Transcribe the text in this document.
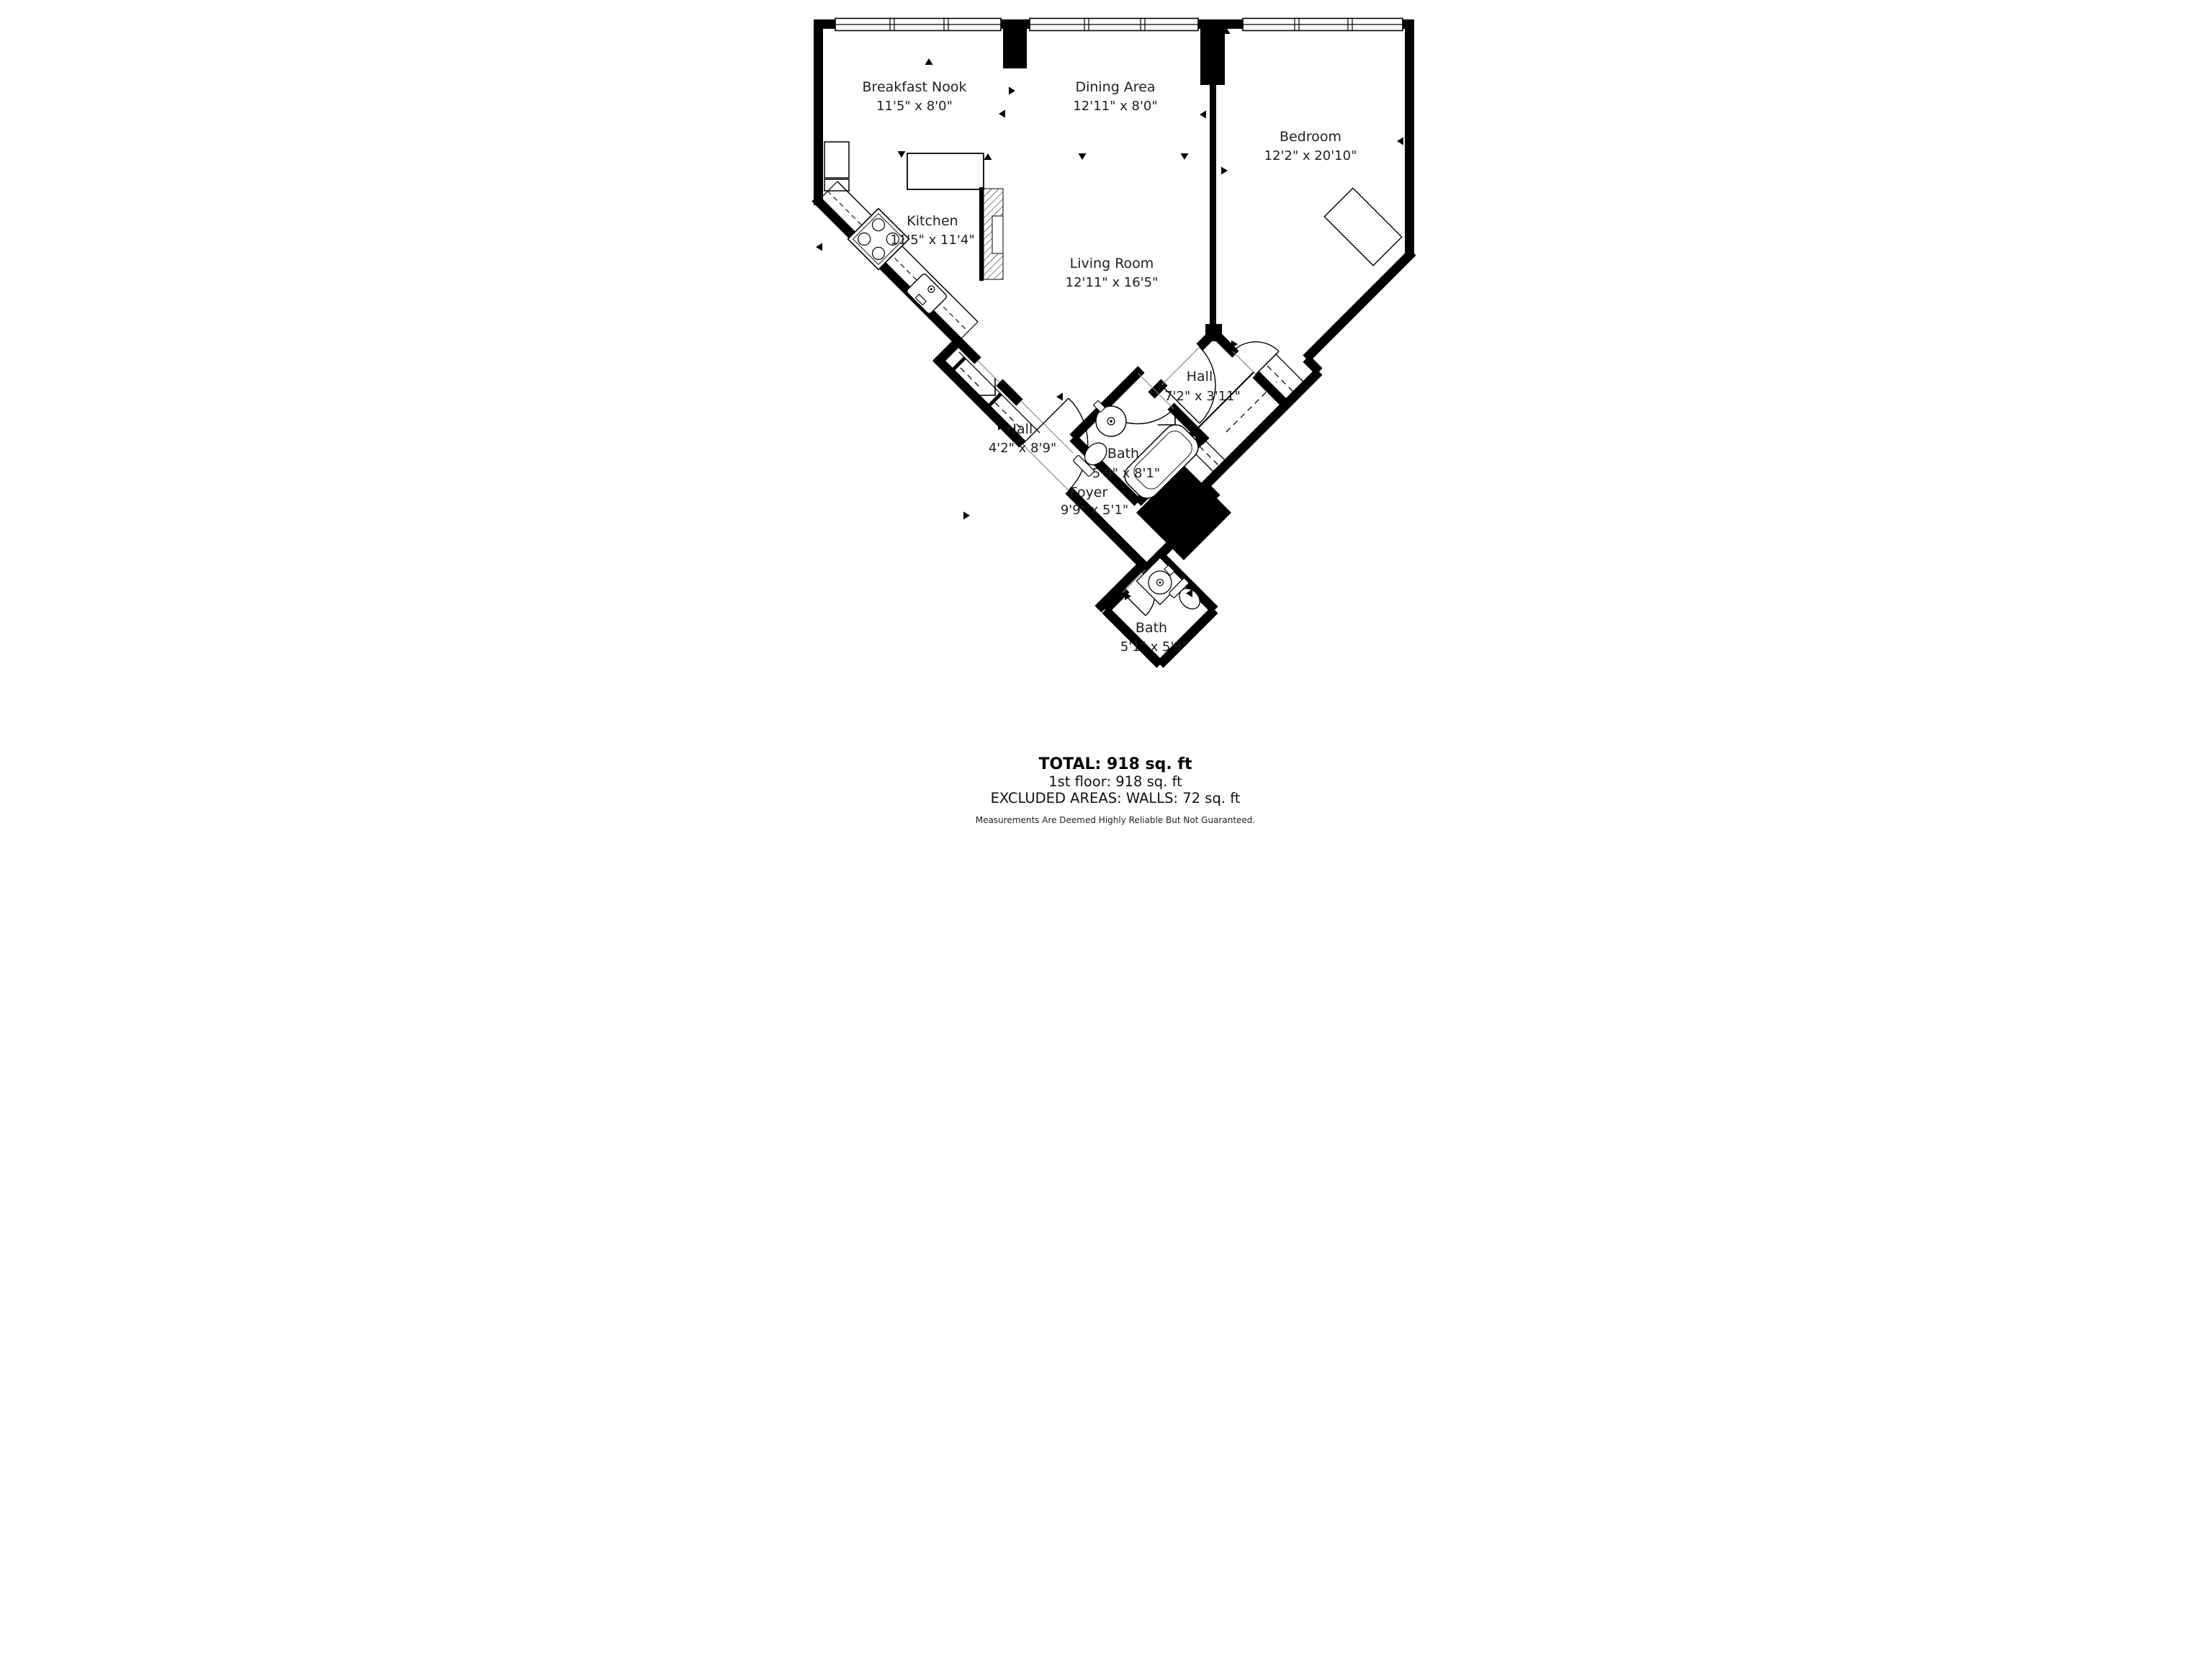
Breakfast Nook
11'5" x 8'0"
Dining Area
12'11" x 8'0"
Bedroom
12'2" x 20'10"
Kitchen
11'5" x 11'4"
Living Room
12'11" x 16'5"
Hall
7'2" x 3'11"
Bath
5'9" x 8'1"
Hall
4'2" x 8'9"
Foyer
9'9" x 5'1"
Bath
5'1" x 5'3"
TOTAL: 918 sq. ft
1st floor: 918 sq. ft
EXCLUDED AREAS: WALLS: 72 sq. ft
Measurements Are Deemed Highly Reliable But Not Guaranteed.
